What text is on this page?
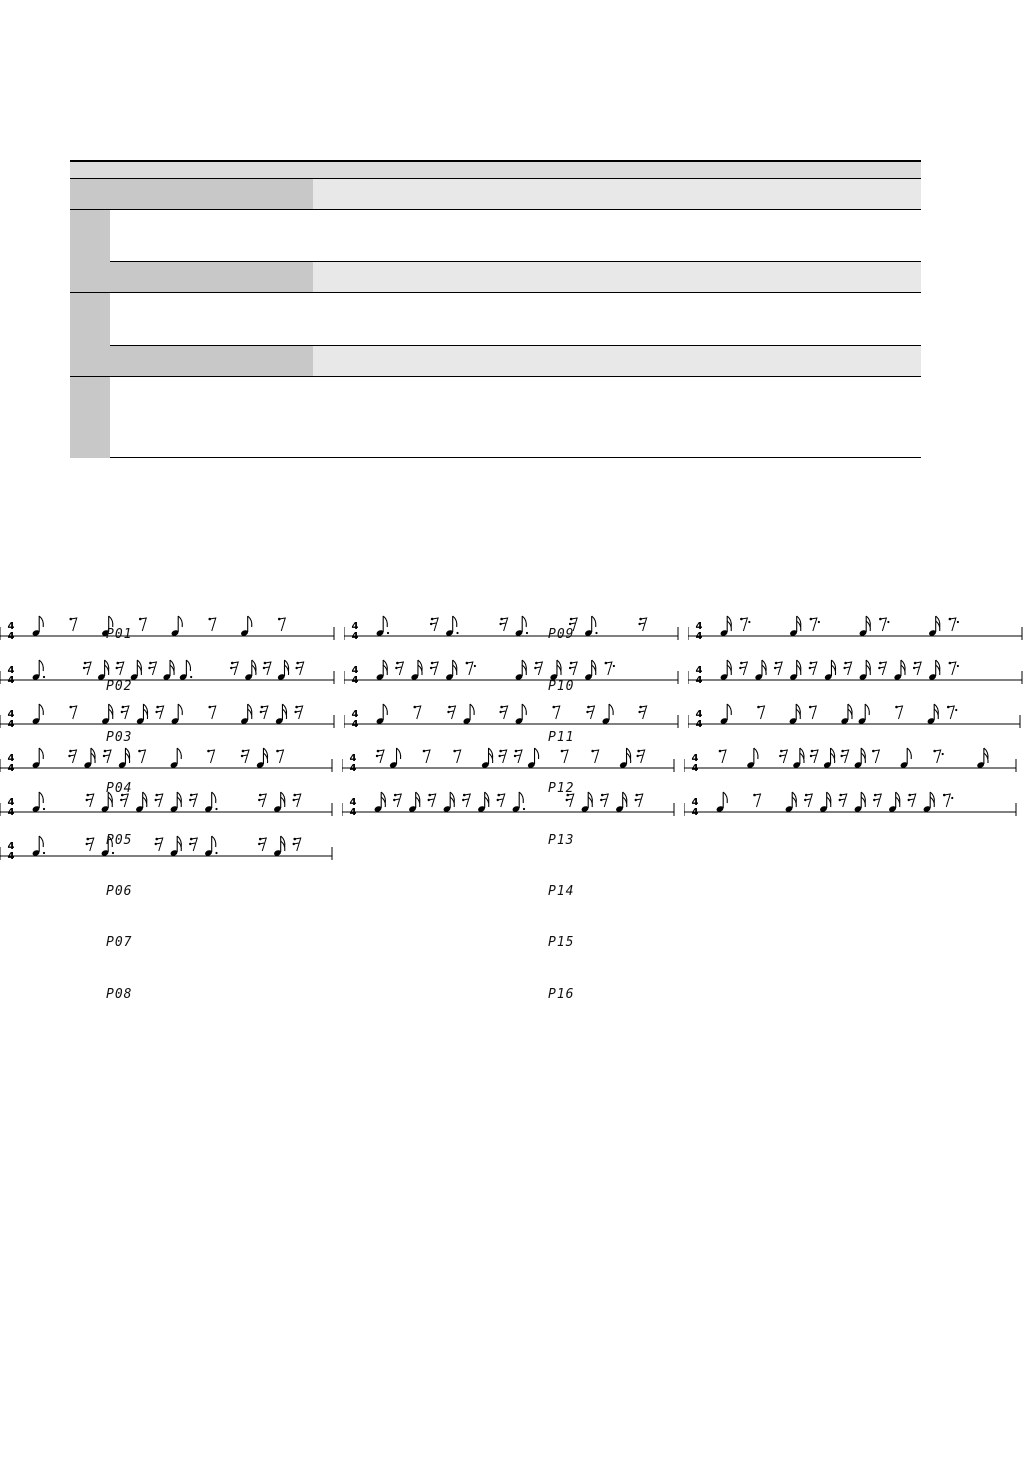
P01
4
4
P02
4
4
P03
4
4
P04
4
4
P05
4
4
P06
4
4
P07
4
4
P08
4
4
P09
4
4
P10
4
4
P11
4
4
P12
4
4
P13
4
4
P14
4
4
P15
4
4
P16
4
4
